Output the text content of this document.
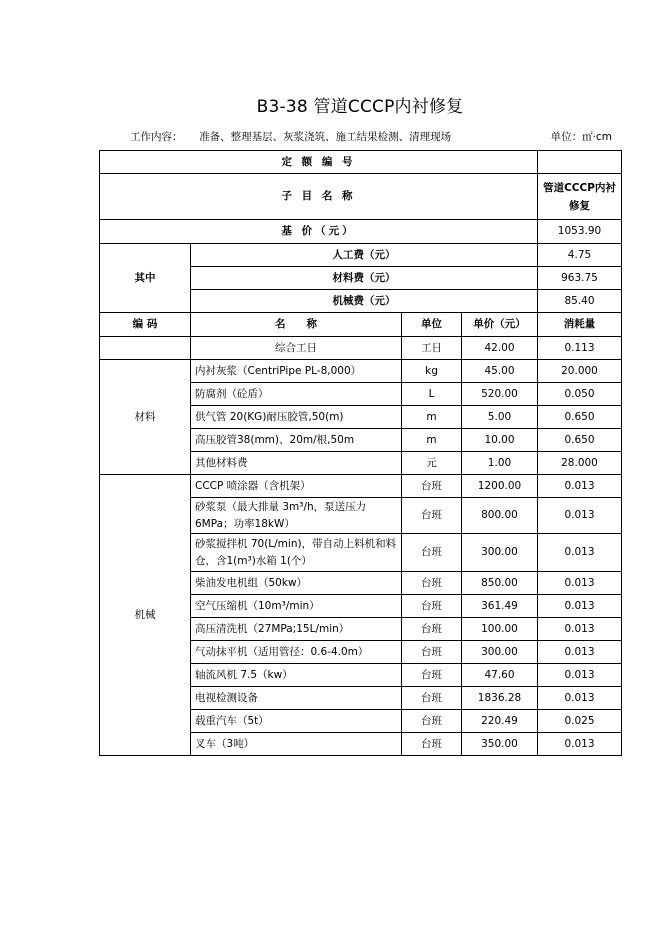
B3-38 管道CCCP内衬修复
工作内容： 准备、整理基层、灰浆浇筑、施工结果检测、清理现场	单位：㎡·cm
定 额 编 号				
子 目 名 称				管道CCCP内衬修复
基 价（元）				1053.90
其中	人工费（元）			4.75
	材料费（元）			963.75
	机械费（元）			85.40
编 码	名　　称	单位	单价（元）	消耗量
	综合工日	工日	42.00	0.113
材料	内衬灰浆（CentriPipe PL-8,000）	kg	45.00	20.000
	防腐剂（砼盾）	L	520.00	0.050
	供气管 20(KG)耐压胶管,50(m)	m	5.00	0.650
	高压胶管38(mm)、20m/根,50m	m	10.00	0.650
	其他材料费	元	1.00	28.000
机械	CCCP 喷涂器（含机架）	台班	1200.00	0.013
	砂浆泵（最大排量 3m³/h，泵送压力 6MPa；功率18kW）	台班	800.00	0.013
	砂浆搅拌机 70(L/min)，带自动上料机和料仓，含1(m³)水箱 1(个）	台班	300.00	0.013
	柴油发电机组（50kw）	台班	850.00	0.013
	空气压缩机（10m³/min）	台班	361.49	0.013
	高压清洗机（27MPa;15L/min）	台班	100.00	0.013
	气动抹平机（适用管径：0.6-4.0m）	台班	300.00	0.013
	轴流风机 7.5（kw）	台班	47.60	0.013
	电视检测设备	台班	1836.28	0.013
	载重汽车（5t）	台班	220.49	0.025
	叉车（3吨）	台班	350.00	0.013
